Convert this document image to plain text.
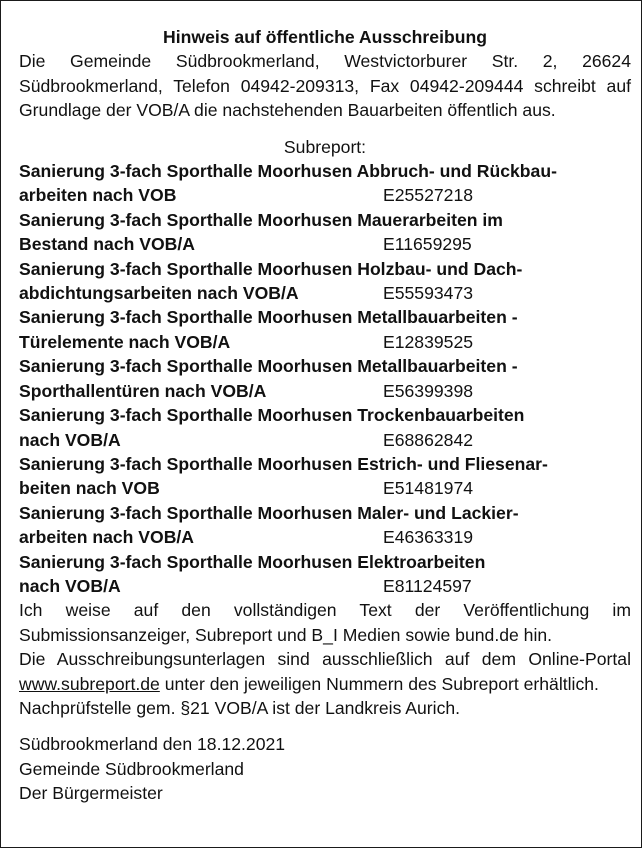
Hinweis auf öffentliche Ausschreibung

Die Gemeinde Südbrookmerland, Westvictorburer Str. 2, 26624 Südbrookmerland, Telefon 04942-209313, Fax 04942-209444 schreibt auf Grundlage der VOB/A die nachstehenden Bauarbeiten öffentlich aus.

Subreport:

Sanierung 3-fach Sporthalle Moorhusen Abbruch- und Rückbau-
arbeiten nach VOB	E25527218
Sanierung 3-fach Sporthalle Moorhusen Mauerarbeiten im
Bestand nach VOB/A	E11659295
Sanierung 3-fach Sporthalle Moorhusen Holzbau- und Dach-
abdichtungsarbeiten nach VOB/A	E55593473
Sanierung 3-fach Sporthalle Moorhusen Metallbauarbeiten -
Türelemente nach VOB/A	E12839525
Sanierung 3-fach Sporthalle Moorhusen Metallbauarbeiten -
Sporthallentüren nach VOB/A	E56399398
Sanierung 3-fach Sporthalle Moorhusen Trockenbauarbeiten
nach VOB/A	E68862842
Sanierung 3-fach Sporthalle Moorhusen Estrich- und Fliesenar-
beiten nach VOB	E51481974
Sanierung 3-fach Sporthalle Moorhusen Maler- und Lackier-
arbeiten nach VOB/A	E46363319
Sanierung 3-fach Sporthalle Moorhusen Elektroarbeiten
nach VOB/A	E81124597

Ich weise auf den vollständigen Text der Veröffentlichung im Submissionsanzeiger, Subreport und B_I Medien sowie bund.de hin.

Die Ausschreibungsunterlagen sind ausschließlich auf dem Online-Portal www.subreport.de unter den jeweiligen Nummern des Subreport erhältlich.

Nachprüfstelle gem. §21 VOB/A ist der Landkreis Aurich.

Südbrookmerland den 18.12.2021

Gemeinde Südbrookmerland

Der Bürgermeister
